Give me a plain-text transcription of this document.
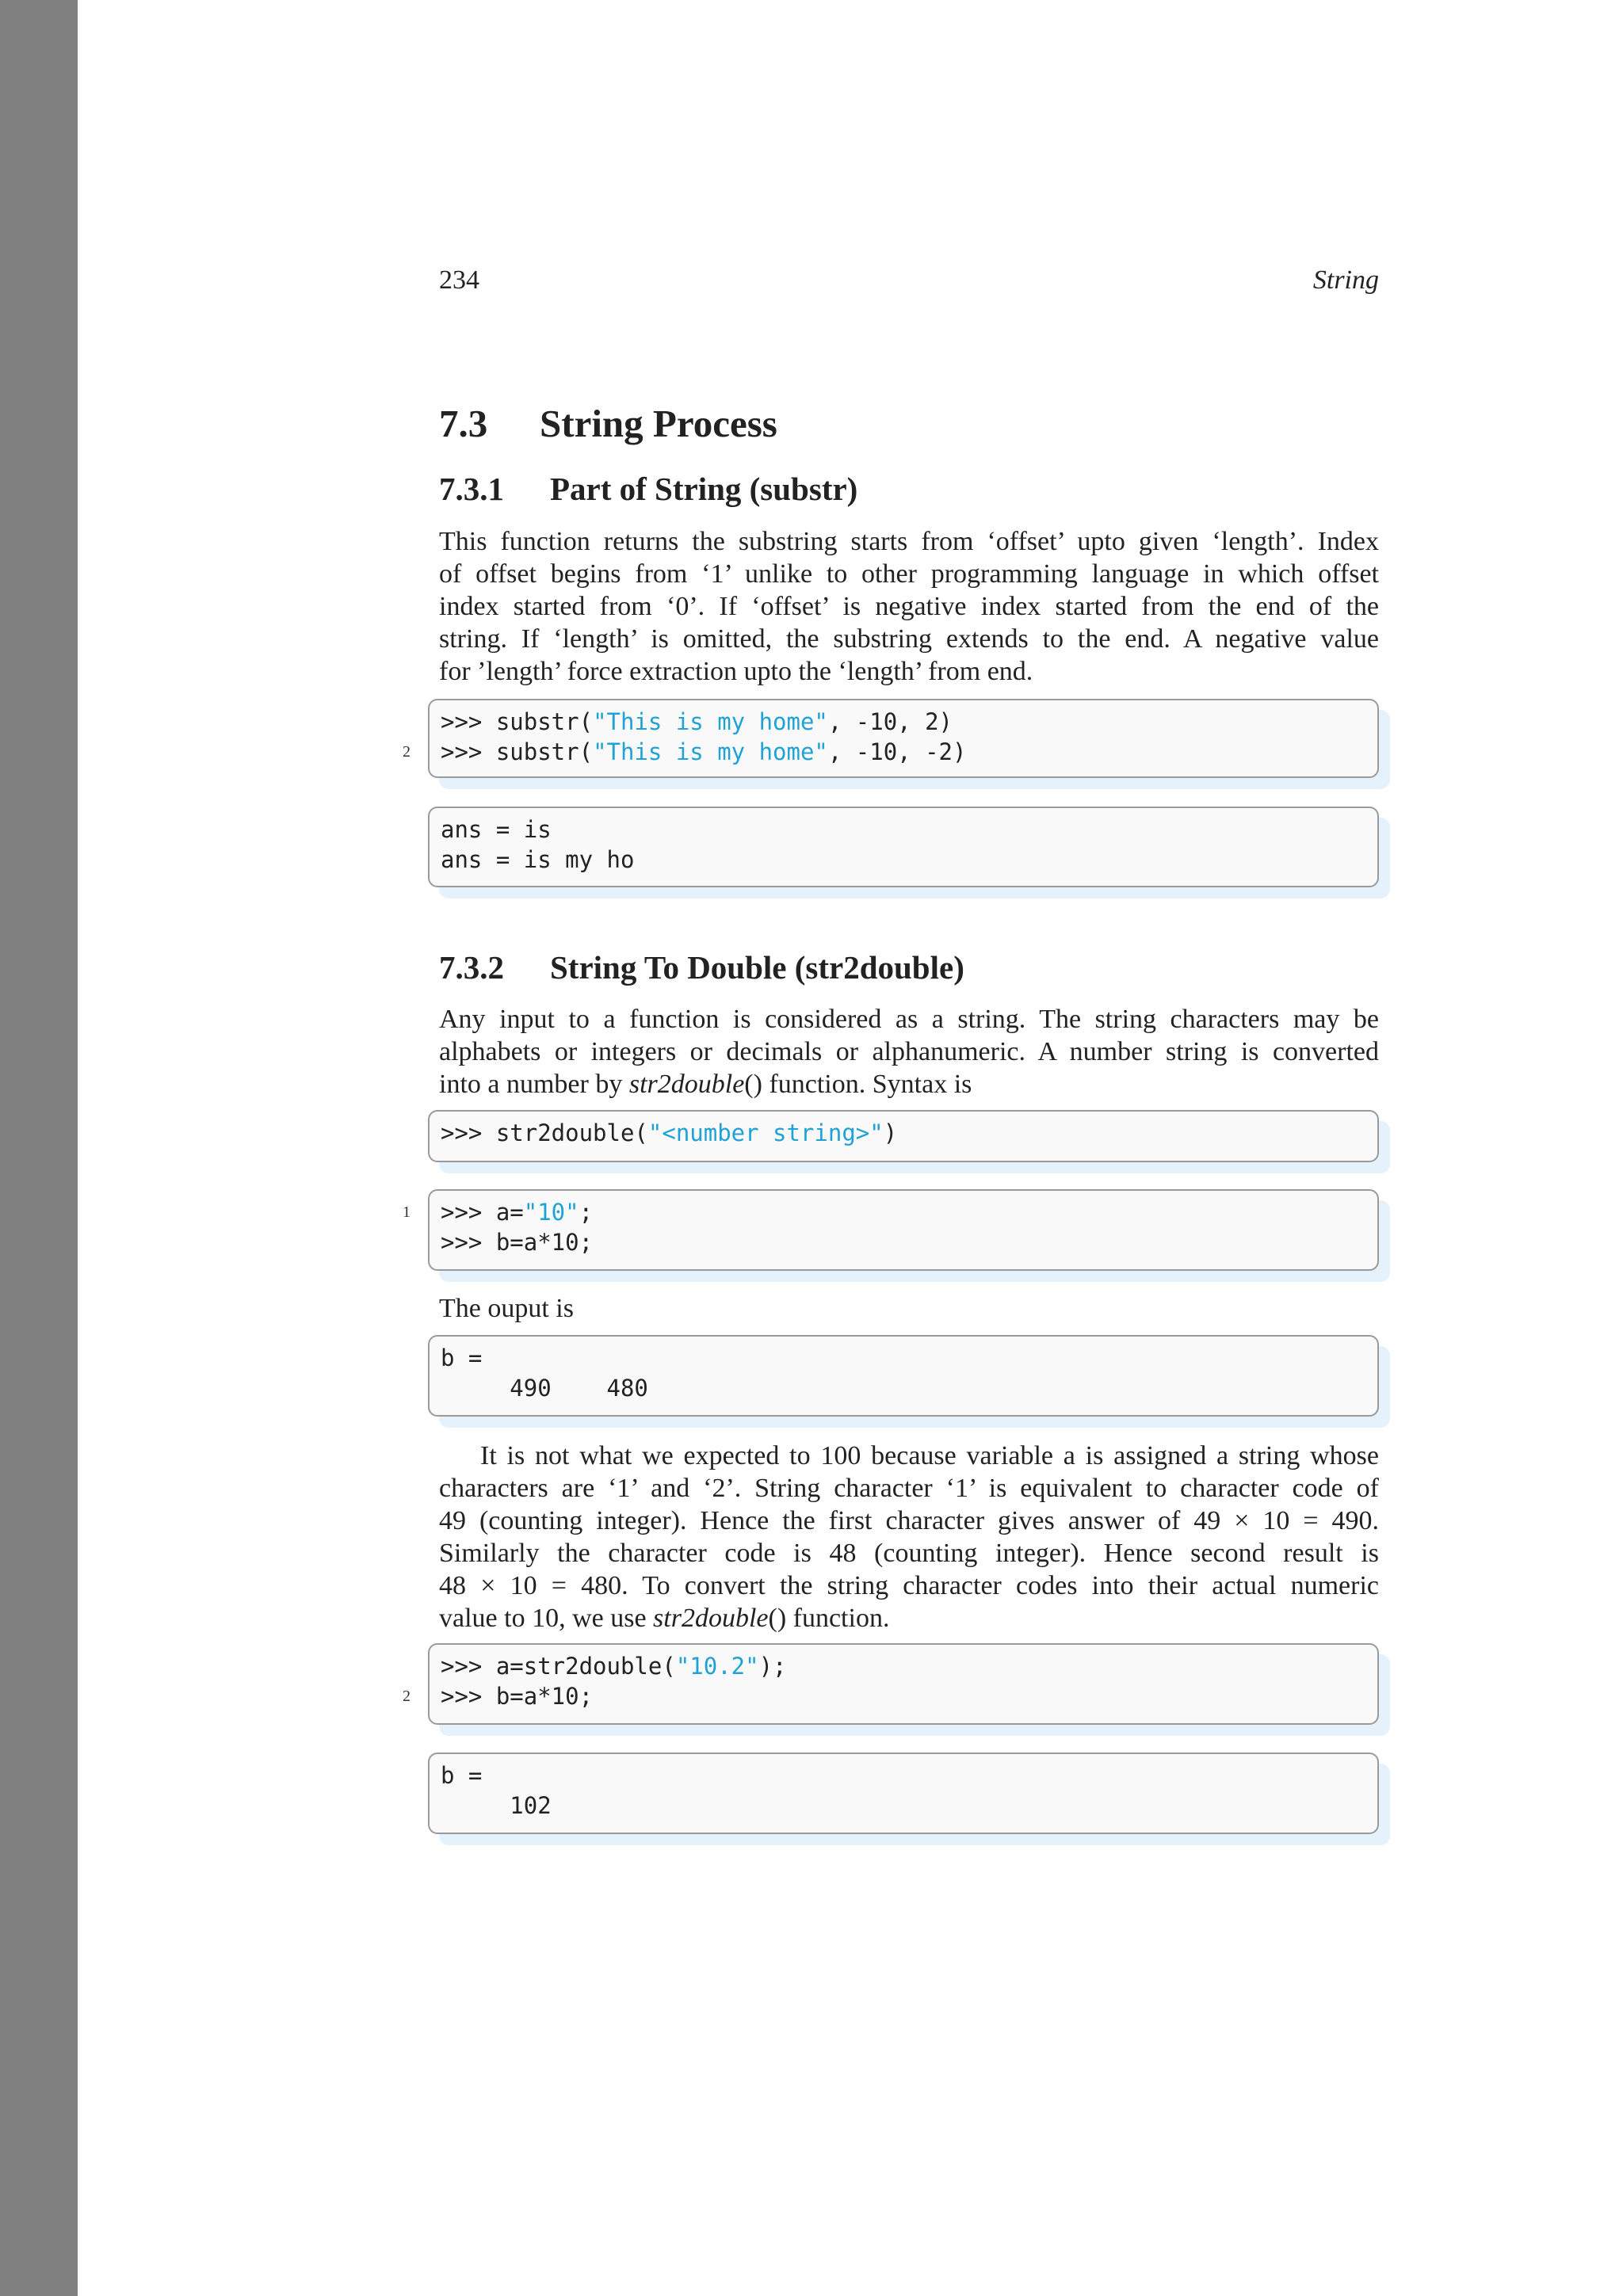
234	String
7.3 String Process
7.3.1 Part of String (substr)
This function returns the substring starts from ‘offset’ upto given ‘length’. Index
of offset begins from ‘1’ unlike to other programming language in which offset
index started from ‘0’. If ‘offset’ is negative index started from the end of the
string. If ‘length’ is omitted, the substring extends to the end. A negative value
for ’length’ force extraction upto the ‘length’ from end.
2
>>> substr("This is my home", -10, 2)
>>> substr("This is my home", -10, -2)
ans = is
ans = is my ho
7.3.2 String To Double (str2double)
Any input to a function is considered as a string. The string characters may be
alphabets or integers or decimals or alphanumeric. A number string is converted
into a number by str2double() function. Syntax is
>>> str2double("<number string>")
1 >>> a="10";
>>> b=a*10;
The ouput is
b =
490    480
It is not what we expected to 100 because variable a is assigned a string whose
characters are ‘1’ and ‘2’. String character ‘1’ is equivalent to character code of
49 (counting integer). Hence the first character gives answer of 49 × 10 = 490.
Similarly the character code is 48 (counting integer). Hence second result is
48 × 10 = 480. To convert the string character codes into their actual numeric
value to 10, we use str2double() function.
2
>>> a=str2double("10.2");
>>> b=a*10;
b =
102
